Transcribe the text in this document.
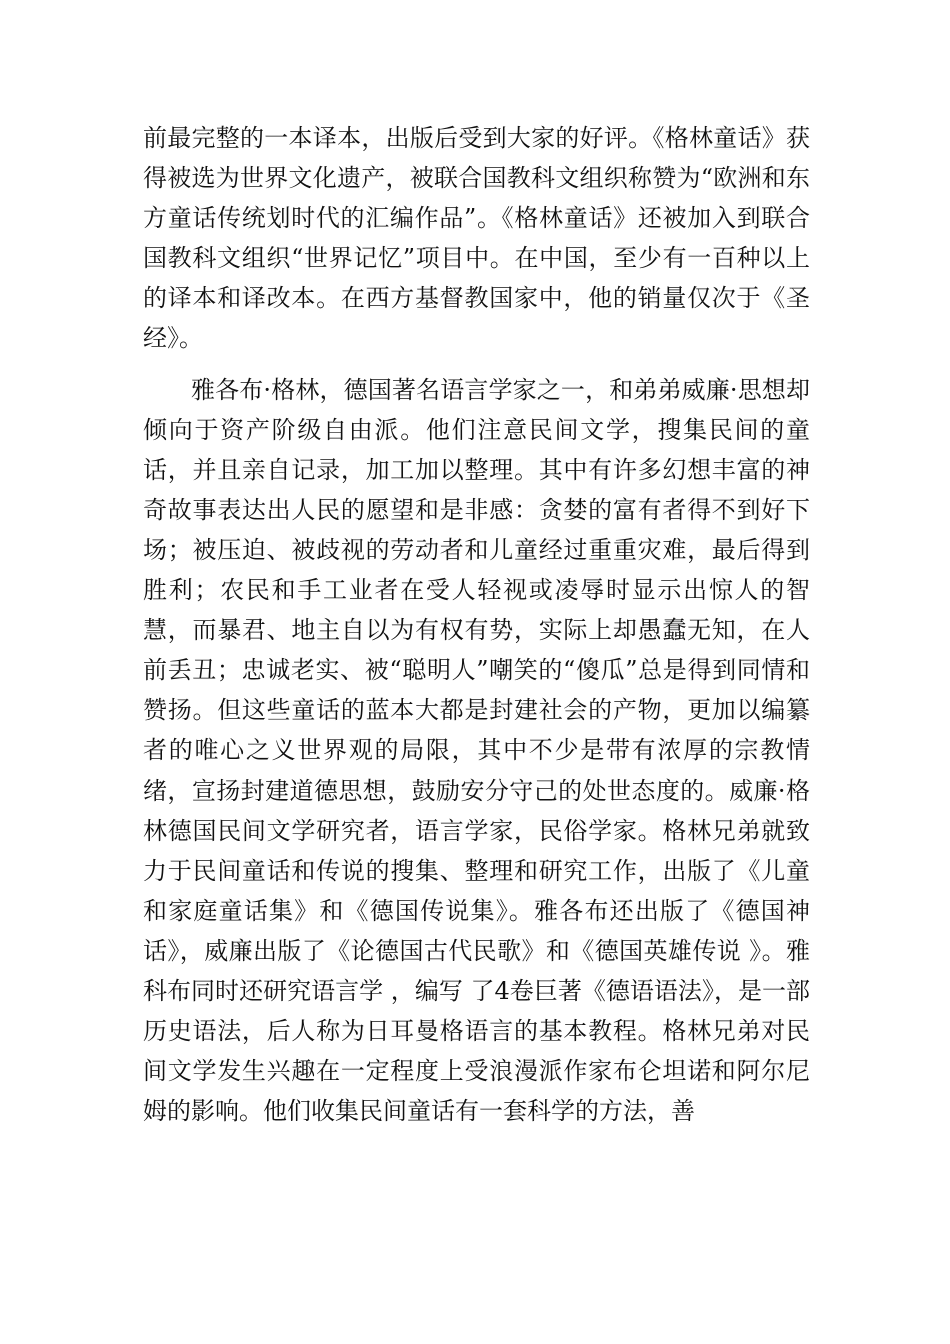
前最完整的一本译本，出版后受到大家的好评。《格林童话》获得被选为世界文化遗产，被联合国教科文组织称赞为“欧洲和东方童话传统划时代的汇编作品”。《格林童话》还被加入到联合国教科文组织“世界记忆”项目中。在中国，至少有一百种以上的译本和译改本。在西方基督教国家中，他的销量仅次于《圣经》。

雅各布·格林，德国著名语言学家之一，和弟弟威廉·思想却倾向于资产阶级自由派。他们注意民间文学，搜集民间的童话，并且亲自记录，加工加以整理。其中有许多幻想丰富的神奇故事表达出人民的愿望和是非感：贪婪的富有者得不到好下场；被压迫、被歧视的劳动者和儿童经过重重灾难，最后得到胜利；农民和手工业者在受人轻视或凌辱时显示出惊人的智慧，而暴君、地主自以为有权有势，实际上却愚蠢无知，在人前丢丑；忠诚老实、被“聪明人”嘲笑的“傻瓜”总是得到同情和赞扬。但这些童话的蓝本大都是封建社会的产物，更加以编纂者的唯心之义世界观的局限，其中不少是带有浓厚的宗教情绪，宣扬封建道德思想，鼓励安分守己的处世态度的。威廉·格林德国民间文学研究者，语言学家，民俗学家。格林兄弟就致力于民间童话和传说的搜集、整理和研究工作，出版了《儿童和家庭童话集》和《德国传说集》。雅各布还出版了《德国神话》，威廉出版了《论德国古代民歌》和《德国英雄传说 》。雅科布同时还研究语言学 ，编写 了4卷巨著《德语语法》，是一部历史语法，后人称为日耳曼格语言的基本教程。格林兄弟对民间文学发生兴趣在一定程度上受浪漫派作家布仑坦诺和阿尔尼姆的影响。他们收集民间童话有一套科学的方法，善
